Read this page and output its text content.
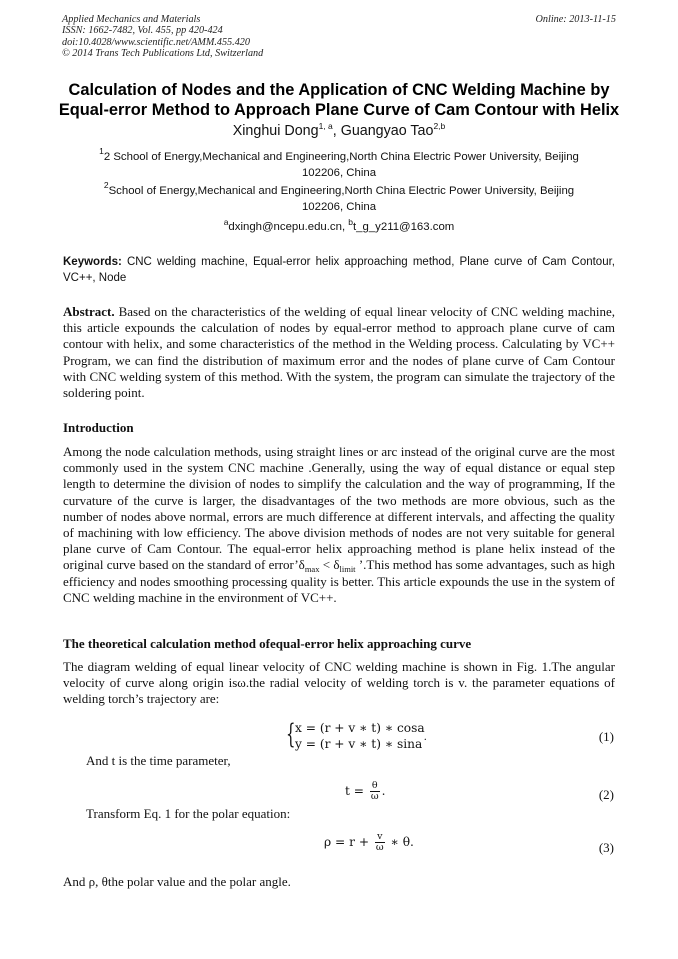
Applied Mechanics and Materials	Online: 2013-11-15
ISSN: 1662-7482, Vol. 455, pp 420-424
doi:10.4028/www.scientific.net/AMM.455.420
© 2014 Trans Tech Publications Ltd, Switzerland
Calculation of Nodes and the Application of CNC Welding Machine by
Equal-error Method to Approach Plane Curve of Cam Contour with Helix
Xinghui Dong$^{1, a}$, Guangyao Tao$^{2,b}$
$^1$2 School of Energy,Mechanical and Engineering,North China Electric Power University, Beijing
102206, China
$^2$School of Energy,Mechanical and Engineering,North China Electric Power University, Beijing
102206, China
$^a$dxingh@ncepu.edu.cn, $^b$t_g_y211@163.com
Keywords: CNC welding machine, Equal-error helix approaching method, Plane curve of Cam Contour, VC++, Node
Abstract. Based on the characteristics of the welding of equal linear velocity of CNC welding machine, this article expounds the calculation of nodes by equal-error method to approach plane curve of cam contour with helix, and some characteristics of the method in the Welding process. Calculating by VC++ Program, we can find the distribution of maximum error and the nodes of plane curve of Cam Contour with CNC welding system of this method. With the system, the program can simulate the trajectory of the soldering point.
Introduction
Among the node calculation methods, using straight lines or arc instead of the original curve are the most commonly used in the system CNC machine .Generally, using the way of equal distance or equal step length to determine the division of nodes to simplify the calculation and the way of programming, If the curvature of the curve is larger, the disadvantages of the two methods are more obvious, such as the number of nodes above normal, errors are much difference at different intervals, and affecting the quality of machining with low efficiency. The above division methods of nodes are not very suitable for general plane curve of Cam Contour. The equal-error helix approaching method is plane helix instead of the original curve based on the standard of $error’\delta_{max} < \delta_{limit}$ ’.This method has some advantages, such as high efficiency and nodes smoothing processing quality is better. This article expounds the use in the system of CNC welding machine in the environment of VC++.
The theoretical calculation method ofequal-error helix approaching curve
The diagram welding of equal linear velocity of CNC welding machine is shown in Fig. 1.The angular velocity of curve along origin isω.the radial velocity of welding torch is v. the parameter equations of welding torch’s trajectory are:
{ x = (r + v ∗ t) ∗ cosa
y = (r + v ∗ t) ∗ sina˙	(1)
And t is the time parameter,
$t = \frac{\theta}{\omega}$ .	(2)
Transform Eq. 1 for the polar equation:
$\rho = r + \frac{v}{\omega}$ ∗ θ.	(3)
And ρ, θthe polar value and the polar angle.
